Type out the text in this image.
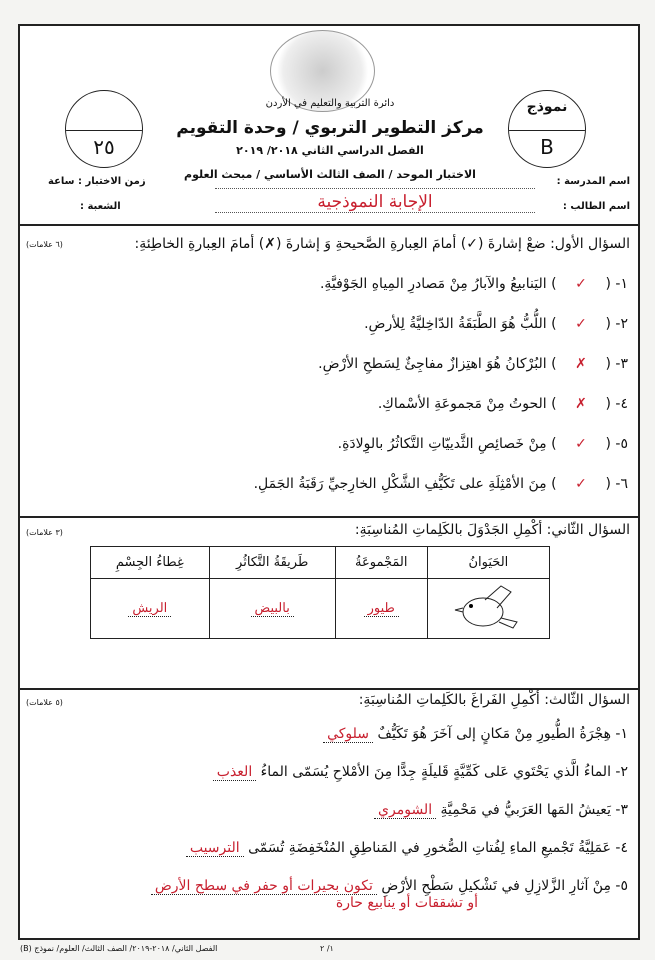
دائرة التربية والتعليم في الأردن
مركز التطوير التربوي / وحدة التقويم
الفصل الدراسي الثاني ٢٠١٨/ ٢٠١٩
الاختبار الموحد / الصف الثالث الأساسي / مبحث العلوم
٢٥
نموذج
B
اسم المدرسة :
اسم الطالب :
الإجابة النموذجية
زمن الاختبار : ساعة
الشعبة :
السؤال الأول: ضعْ إشارةَ (✓) أمامَ العِبارةِ الصَّحيحةِ وَ إشارةَ (✗) أمامَ العِبارةِ الخاطِئةِ:
(٦ علامات)
١- ( ✓ ) اليَنابيعُ والآبارُ مِنْ مَصادرِ المِياهِ الجَوْفيَّةِ.
٢- ( ✓ ) اللُّبُّ هُوَ الطَّبَقَةُ الدّاخِليَّةُ لِلأرضِ.
٣- ( ✗ ) البُرْكانُ هُوَ اهتِزازٌ مفاجِئٌ لِسَطحِ الأرْضِ.
٤- ( ✗ ) الحوتُ مِنْ مَجموعَةِ الأسْماكِ.
٥- ( ✓ ) مِنْ خَصائِصِ الثَّدييّاتِ التَّكاثُرُ بالوِلادَةِ.
٦- ( ✓ ) مِنَ الأمْثِلَةِ على تَكَيُّفِ الشَّكْلِ الخارِجيِّ رَقَبَةُ الجَمَلِ.
السؤال الثّاني: أكْمِلِ الجَدْوَلَ بالكَلِماتِ المُناسِبَةِ:
(٣ علامات)
الحَيَوانُ	المَجْموعَةُ	طَريقَةُ التَّكاثُرِ	غِطاءُ الجِسْمِ
	طيور	بالبيض	الريش
السؤال الثّالث: أكْمِلِ الفَراغَ بالكَلِماتِ المُناسِبَةِ:
(٥ علامات)
١- هِجْرَةُ الطُّيورِ مِنْ مَكانٍ إلى آخَرَ هُوَ تَكَيُّفٌ سلوكي
٢- الماءُ الَّذي يَحْتَوي عَلى كَمِّيَّةٍ قَليلَةٍ جِدًّا مِنَ الأمْلاحِ يُسَمّى الماءُ العذب
٣- يَعيشُ المَها العَرَبيُّ في مَحْمِيَّةِ الشومري
٤- عَمَلِيَّةُ تَجْميعِ الماءِ لِفُتاتِ الصُّخورِ في المَناطِقِ المُنْخَفِضَةِ تُسَمّى الترسيب
٥- مِنْ آثارِ الزَّلازِلِ في تَشْكيلِ سَطْحِ الأرْضِ تكون بحيرات أو حفر في سطح الأرض
أو تشققات أو ينابيع حارة
الفصل الثاني/ ٢٠١٨-٢٠١٩/ الصف الثالث/ العلوم/ نموذج (B)	١/ ٢
